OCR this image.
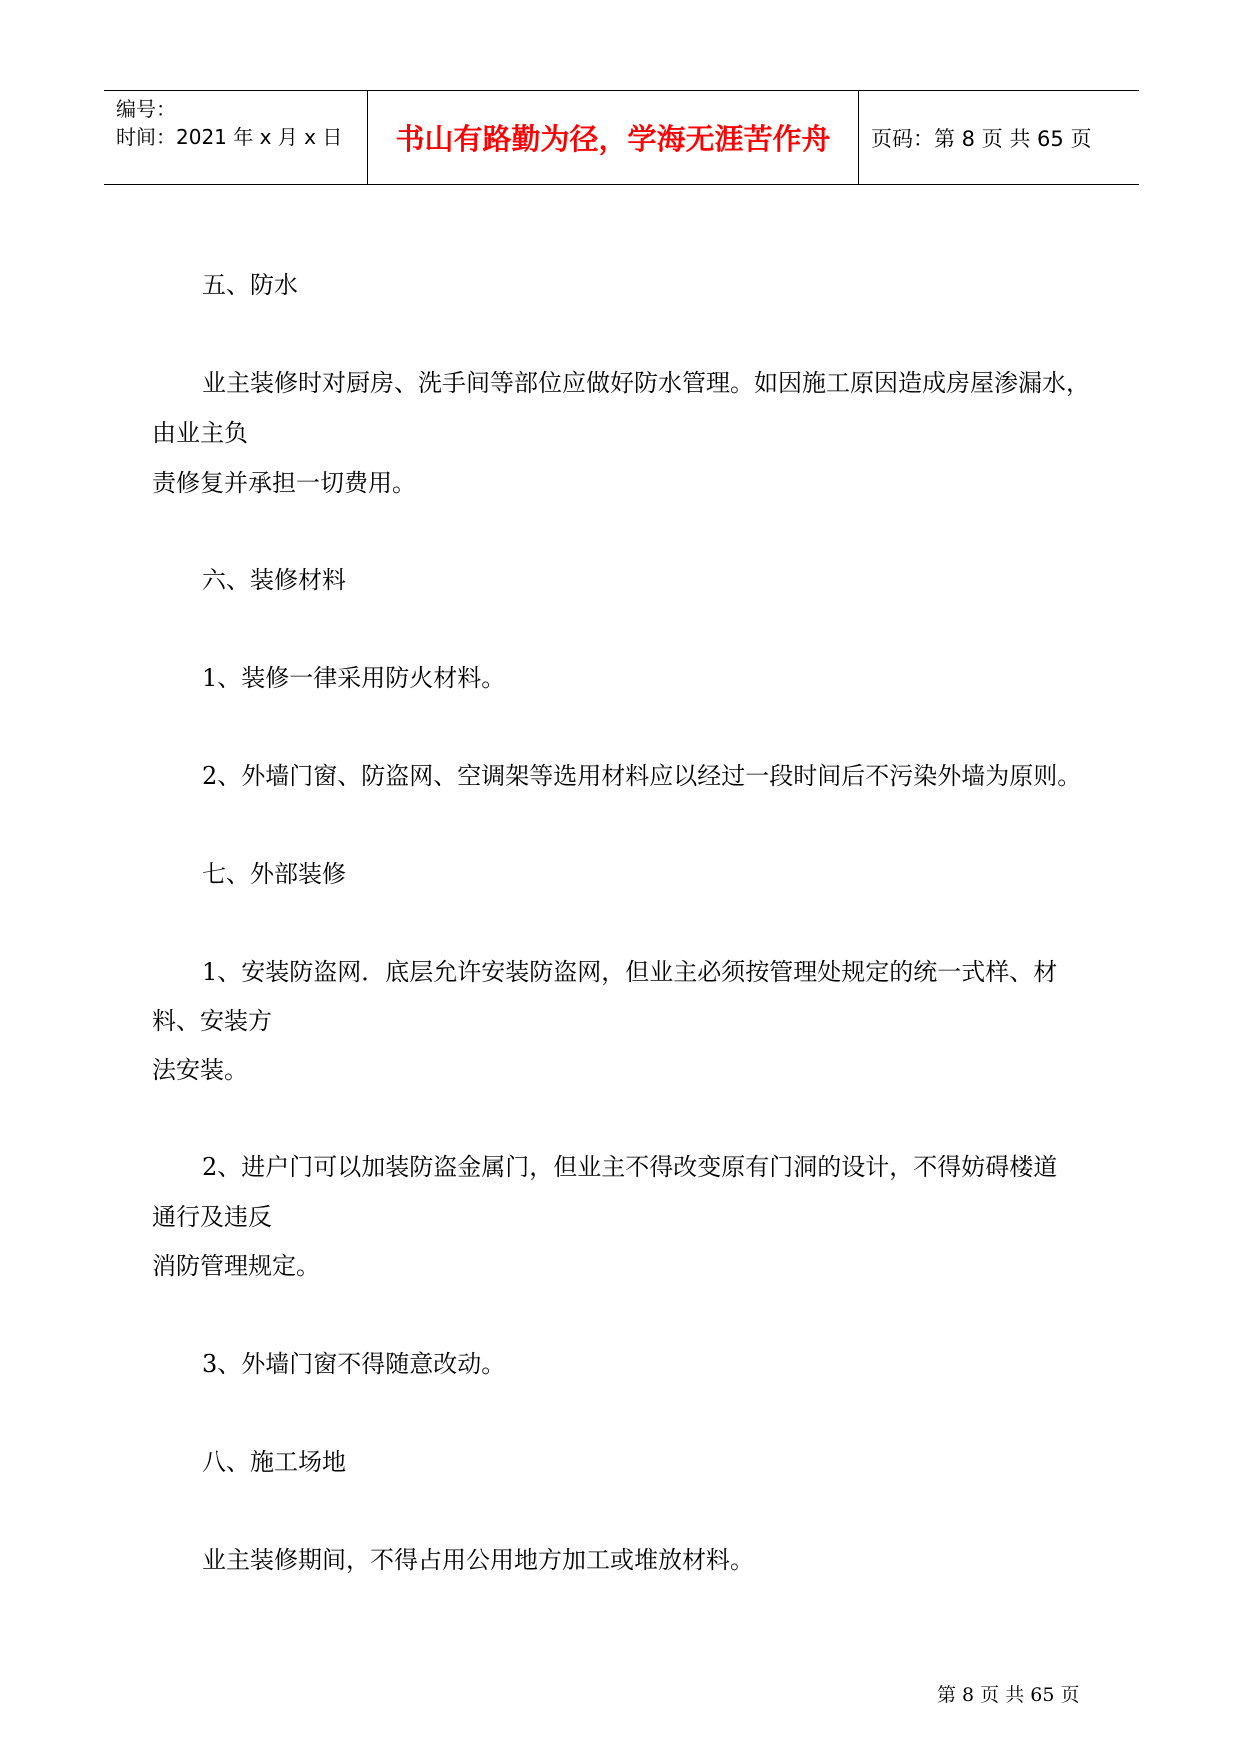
编号：
时间：2021 年 x 月 x 日	书山有路勤为径，学海无涯苦作舟	页码：第 8 页 共 65 页
五、防水
业主装修时对厨房、洗手间等部位应做好防水管理。如因施工原因造成房屋渗漏水，
由业主负
责修复并承担一切费用。
六、装修材料
1、装修一律采用防火材料。
2、外墙门窗、防盗网、空调架等选用材料应以经过一段时间后不污染外墙为原则。
七、外部装修
1、安装防盗网．底层允许安装防盗网，但业主必须按管理处规定的统一式样、材
料、安装方
法安装。
2、进户门可以加装防盗金属门，但业主不得改变原有门洞的设计，不得妨碍楼道
通行及违反
消防管理规定。
3、外墙门窗不得随意改动。
八、施工场地
业主装修期间，不得占用公用地方加工或堆放材料。
第 8 页 共 65 页
